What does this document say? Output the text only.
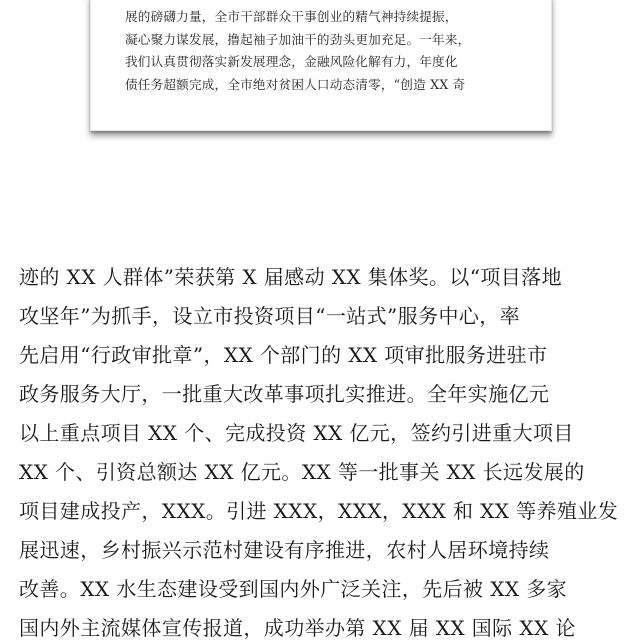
展的磅礴力量，全市干部群众干事创业的精气神持续提振，
凝心聚力谋发展，撸起袖子加油干的劲头更加充足。一年来，
我们认真贯彻落实新发展理念，金融风险化解有力，年度化
债任务超额完成，全市绝对贫困人口动态清零，“创造 XX 奇
迹的 XX 人群体”荣获第 X 届感动 XX 集体奖。以“项目落地
攻坚年”为抓手，设立市投资项目“一站式”服务中心，率
先启用“行政审批章”，XX 个部门的 XX 项审批服务进驻市
政务服务大厅，一批重大改革事项扎实推进。全年实施亿元
以上重点项目 XX 个、完成投资 XX 亿元，签约引进重大项目
XX 个、引资总额达 XX 亿元。XX 等一批事关 XX 长远发展的
项目建成投产，XXX。引进 XXX，XXX，XXX 和 XX 等养殖业发
展迅速，乡村振兴示范村建设有序推进，农村人居环境持续
改善。XX 水生态建设受到国内外广泛关注，先后被 XX 多家
国内外主流媒体宣传报道，成功举办第 XX 届 XX 国际 XX 论
